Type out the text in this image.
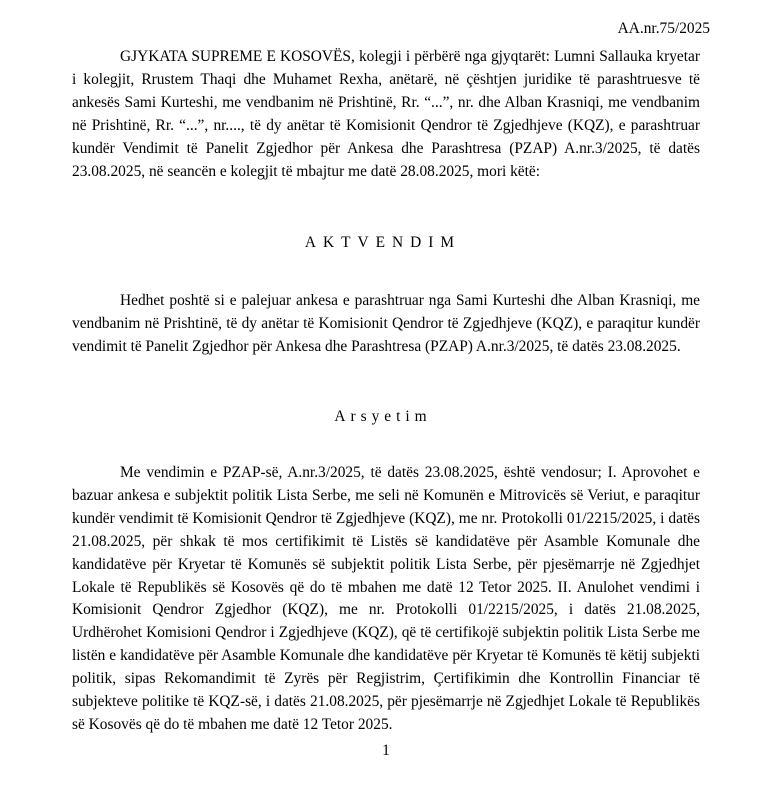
AA.nr.75/2025

GJYKATA SUPREME E KOSOVËS, kolegji i përbërë nga gjyqtarët: Lumni Sallauka kryetar i kolegjit, Rrustem Thaqi dhe Muhamet Rexha, anëtarë, në çështjen juridike të parashtruesve të ankesës Sami Kurteshi, me vendbanim në Prishtinë, Rr. “...”, nr. dhe Alban Krasniqi, me vendbanim në Prishtinë, Rr. “...”, nr...., të dy anëtar të Komisionit Qendror të Zgjedhjeve (KQZ), e parashtruar kundër Vendimit të Panelit Zgjedhor për Ankesa dhe Parashtresa (PZAP) A.nr.3/2025, të datës 23.08.2025, në seancën e kolegjit të mbajtur me datë 28.08.2025, mori këtë:

AKTVENDIM

Hedhet poshtë si e palejuar ankesa e parashtruar nga Sami Kurteshi dhe Alban Krasniqi, me vendbanim në Prishtinë, të dy anëtar të Komisionit Qendror të Zgjedhjeve (KQZ), e paraqitur kundër vendimit të Panelit Zgjedhor për Ankesa dhe Parashtresa (PZAP) A.nr.3/2025, të datës 23.08.2025.

Arsyetim

Me vendimin e PZAP-së, A.nr.3/2025, të datës 23.08.2025, është vendosur; I. Aprovohet e bazuar ankesa e subjektit politik Lista Serbe, me seli në Komunën e Mitrovicës së Veriut, e paraqitur kundër vendimit të Komisionit Qendror të Zgjedhjeve (KQZ), me nr. Protokolli 01/2215/2025, i datës 21.08.2025, për shkak të mos certifikimit të Listës së kandidatëve për Asamble Komunale dhe kandidatëve për Kryetar të Komunës së subjektit politik Lista Serbe, për pjesëmarrje në Zgjedhjet Lokale të Republikës së Kosovës që do të mbahen me datë 12 Tetor 2025. II. Anulohet vendimi i Komisionit Qendror Zgjedhor (KQZ), me nr. Protokolli 01/2215/2025, i datës 21.08.2025, Urdhërohet Komisioni Qendror i Zgjedhjeve (KQZ), që të certifikojë subjektin politik Lista Serbe me listën e kandidatëve për Asamble Komunale dhe kandidatëve për Kryetar të Komunës të këtij subjekti politik, sipas Rekomandimit të Zyrës për Regjistrim, Çertifikimin dhe Kontrollin Financiar të subjekteve politike të KQZ-së, i datës 21.08.2025, për pjesëmarrje në Zgjedhjet Lokale të Republikës së Kosovës që do të mbahen me datë 12 Tetor 2025.

1
